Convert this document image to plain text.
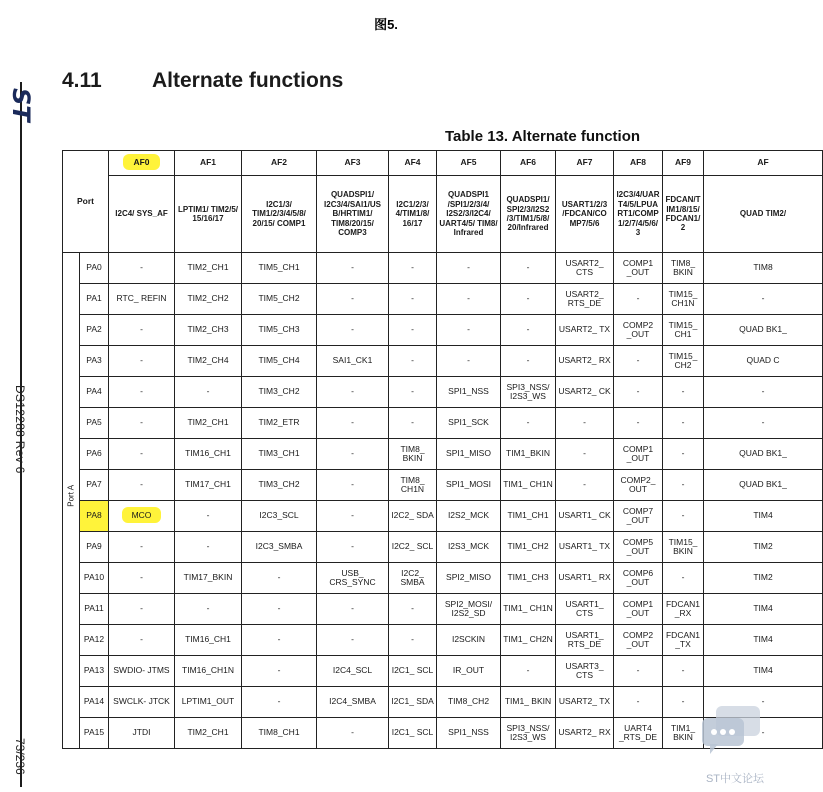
图5.
ST
DS12288 Rev 6
73/236
4.11 Alternate functions
Table 13. Alternate function
Port		AF0	AF1	AF2	AF3	AF4	AF5	AF6	AF7	AF8	AF9	AF
		I2C4/ SYS_AF	LPTIM1/ TIM2/5/ 15/16/17	I2C1/3/ TIM1/2/3/4/5/8/ 20/15/ COMP1	QUADSPI1/ I2C3/4/SAI1/US B/HRTIM1/ TIM8/20/15/ COMP3	I2C1/2/3/ 4/TIM1/8/ 16/17	QUADSPI1 /SPI1/2/3/4/ I2S2/3/I2C4/ UART4/5/ TIM8/ Infrared	QUADSPI1/ SPI2/3/I2S2 /3/TIM1/5/8/ 20/Infrared	USART1/2/3 /FDCAN/CO MP7/5/6	I2C3/4/UAR T4/5/LPUA RT1/COMP 1/2/7/4/5/6/ 3	FDCAN/T IM1/8/15/ FDCAN1/ 2	QUAD TIM2/

Port A	PA0	-	TIM2_CH1	TIM5_CH1	-	-	-	-	USART2_ CTS	COMP1 _OUT	TIM8_ BKIN	TIM8
	PA1	RTC_ REFIN	TIM2_CH2	TIM5_CH2	-	-	-	-	USART2_ RTS_DE	-	TIM15_ CH1N	-
	PA2	-	TIM2_CH3	TIM5_CH3	-	-	-	-	USART2_ TX	COMP2 _OUT	TIM15_ CH1	QUAD BK1_
	PA3	-	TIM2_CH4	TIM5_CH4	SAI1_CK1	-	-	-	USART2_ RX	-	TIM15_ CH2	QUAD C
	PA4	-	-	TIM3_CH2	-	-	SPI1_NSS	SPI3_NSS/ I2S3_WS	USART2_ CK	-	-	-
	PA5	-	TIM2_CH1	TIM2_ETR	-	-	SPI1_SCK	-	-	-	-	-
	PA6	-	TIM16_CH1	TIM3_CH1	-	TIM8_ BKIN	SPI1_MISO	TIM1_BKIN	-	COMP1 _OUT	-	QUAD BK1_
	PA7	-	TIM17_CH1	TIM3_CH2	-	TIM8_ CH1N	SPI1_MOSI	TIM1_ CH1N	-	COMP2_ OUT	-	QUAD BK1_
	PA8	MCO	-	I2C3_SCL	-	I2C2_ SDA	I2S2_MCK	TIM1_CH1	USART1_ CK	COMP7 _OUT	-	TIM4
	PA9	-	-	I2C3_SMBA	-	I2C2_ SCL	I2S3_MCK	TIM1_CH2	USART1_ TX	COMP5 _OUT	TIM15_ BKIN	TIM2
	PA10	-	TIM17_BKIN	-	USB_ CRS_SYNC	I2C2_ SMBA	SPI2_MISO	TIM1_CH3	USART1_ RX	COMP6 _OUT	-	TIM2
	PA11	-	-	-	-	-	SPI2_MOSI/ I2S2_SD	TIM1_ CH1N	USART1_ CTS	COMP1 _OUT	FDCAN1 _RX	TIM4
	PA12	-	TIM16_CH1	-	-	-	I2SCKIN	TIM1_ CH2N	USART1_ RTS_DE	COMP2 _OUT	FDCAN1 _TX	TIM4
	PA13	SWDIO- JTMS	TIM16_CH1N	-	I2C4_SCL	I2C1_ SCL	IR_OUT	-	USART3_ CTS	-	-	TIM4
	PA14	SWCLK- JTCK	LPTIM1_OUT	-	I2C4_SMBA	I2C1_ SDA	TIM8_CH2	TIM1_ BKIN	USART2_ TX	-	-	-
	PA15	JTDI	TIM2_CH1	TIM8_CH1	-	I2C1_ SCL	SPI1_NSS	SPI3_NSS/ I2S3_WS	USART2_ RX	UART4 _RTS_DE	TIM1_ BKIN	-
ST中文论坛
